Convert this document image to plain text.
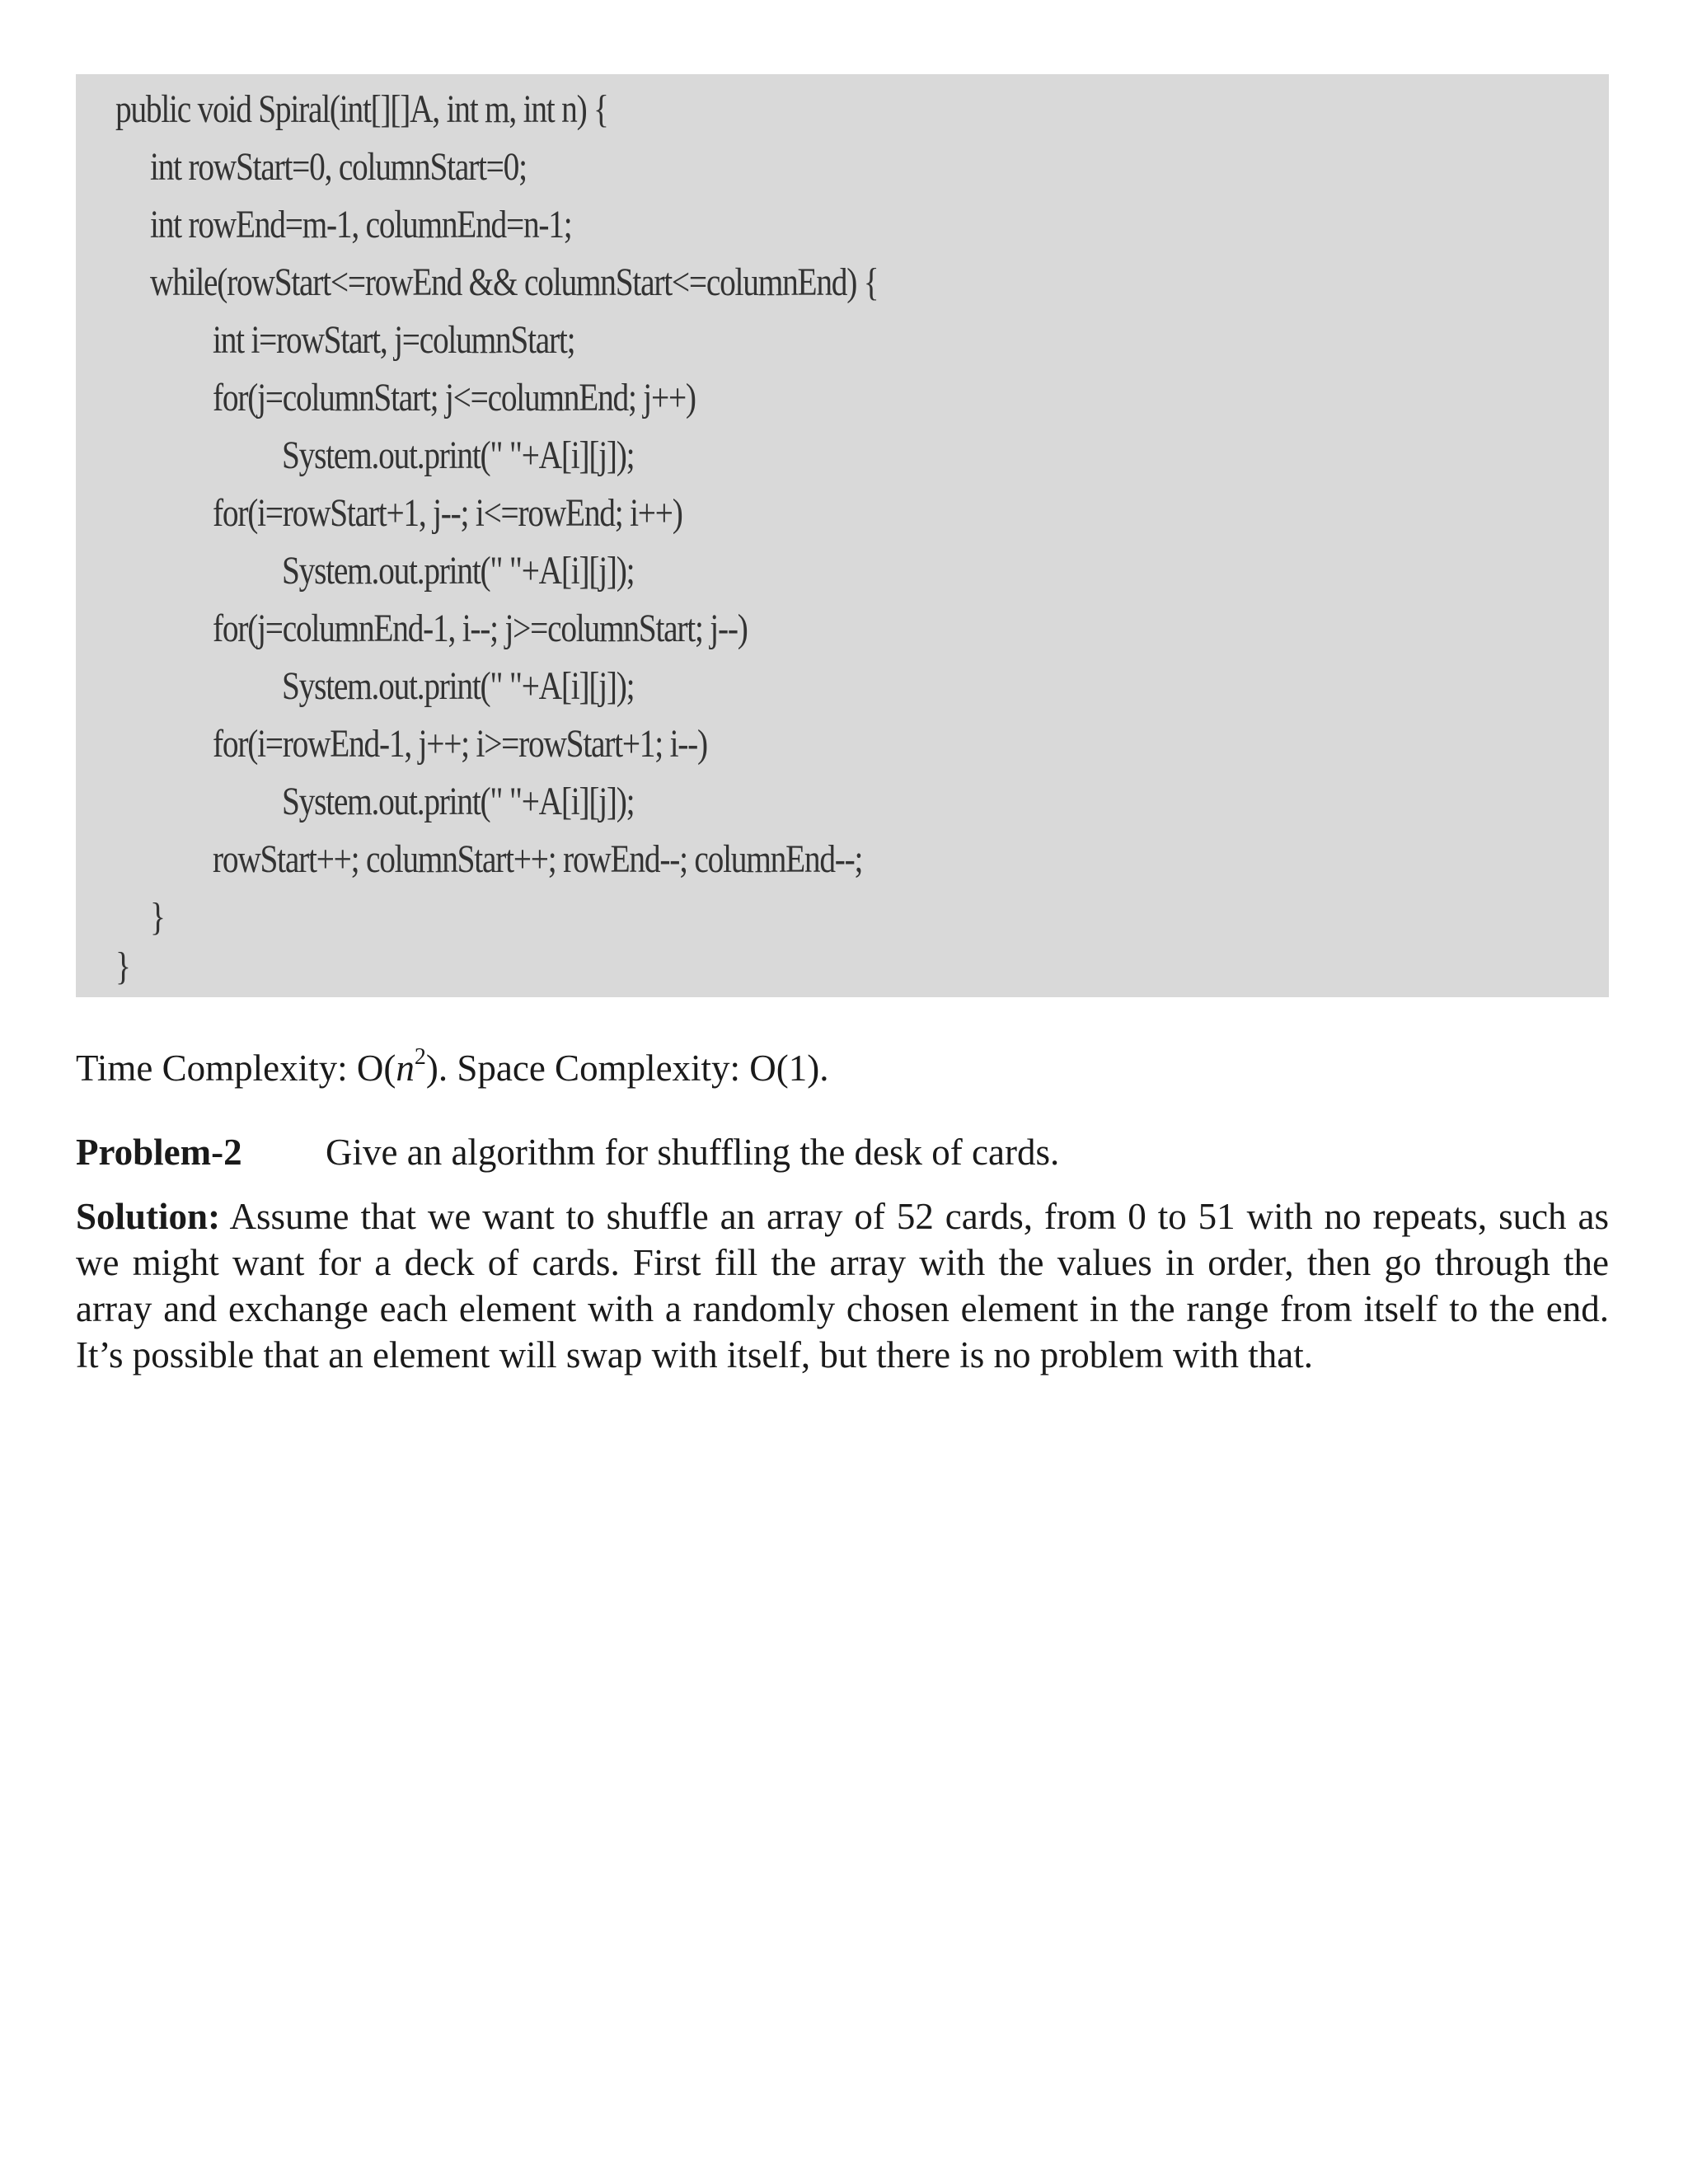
public void Spiral(int[][]A, int m, int n) {
int rowStart=0, columnStart=0;
int rowEnd=m-1, columnEnd=n-1;
while(rowStart<=rowEnd && columnStart<=columnEnd) {
int i=rowStart, j=columnStart;
for(j=columnStart; j<=columnEnd; j++)
System.out.print(" "+A[i][j]);
for(i=rowStart+1, j--; i<=rowEnd; i++)
System.out.print(" "+A[i][j]);
for(j=columnEnd-1, i--; j>=columnStart; j--)
System.out.print(" "+A[i][j]);
for(i=rowEnd-1, j++; i>=rowStart+1; i--)
System.out.print(" "+A[i][j]);
rowStart++; columnStart++; rowEnd--; columnEnd--;
}
}
Time Complexity: $O(n^2)$. Space Complexity: O(1).
Problem-2 Give an algorithm for shuffling the desk of cards.
Solution: Assume that we want to shuffle an array of 52 cards, from 0 to 51 with no repeats, such as we might want for a deck of cards. First fill the array with the values in order, then go through the array and exchange each element with a randomly chosen element in the range from itself to the end. It’s possible that an element will swap with itself, but there is no problem with that.
